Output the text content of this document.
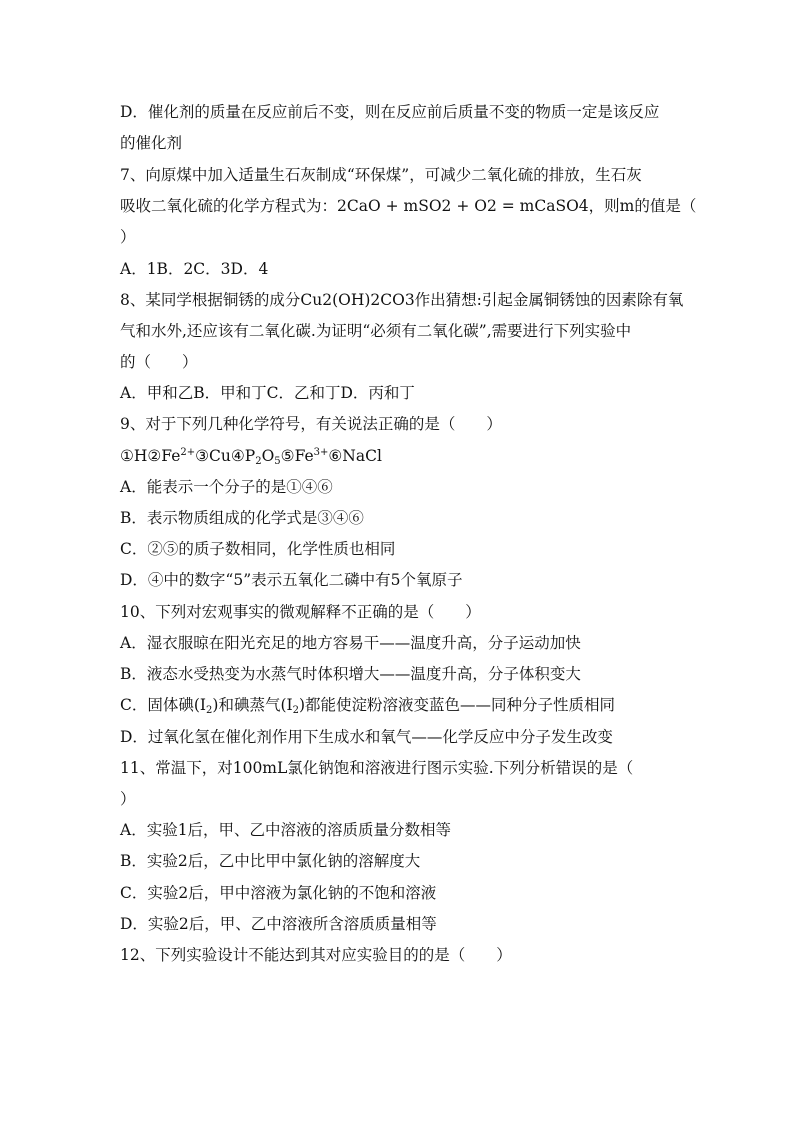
D．催化剂的质量在反应前后不变，则在反应前后质量不变的物质一定是该反应
的催化剂
7、向原煤中加入适量生石灰制成“环保煤”，可减少二氧化硫的排放，生石灰
吸收二氧化硫的化学方程式为：2CaO + mSO2 + O2 = mCaSO4，则m的值是（
）
A．1B．2C．3D．4
8、某同学根据铜锈的成分Cu2(OH)2CO3作出猜想:引起金属铜锈蚀的因素除有氧
气和水外,还应该有二氧化碳.为证明“必须有二氧化碳”,需要进行下列实验中
的（　　）
A．甲和乙B．甲和丁C．乙和丁D．丙和丁
9、对于下列几种化学符号，有关说法正确的是（　　）
$①H②Fe^{2+}③Cu④P_2O_5⑤Fe^{3+}⑥NaCl$
A．能表示一个分子的是①④⑥
B．表示物质组成的化学式是③④⑥
C．②⑤的质子数相同，化学性质也相同
D．④中的数字“5”表示五氧化二磷中有5个氧原子
10、下列对宏观事实的微观解释不正确的是（　　）
A．湿衣服晾在阳光充足的地方容易干——温度升高，分子运动加快
B．液态水受热变为水蒸气时体积增大——温度升高，分子体积变大
C．固体碘$(I_2)$和碘蒸气$(I_2)$都能使淀粉溶液变蓝色——同种分子性质相同
D．过氧化氢在催化剂作用下生成水和氧气——化学反应中分子发生改变
11、常温下，对100mL氯化钠饱和溶液进行图示实验.下列分析错误的是（
）
A．实验1后，甲、乙中溶液的溶质质量分数相等
B．实验2后，乙中比甲中氯化钠的溶解度大
C．实验2后，甲中溶液为氯化钠的不饱和溶液
D．实验2后，甲、乙中溶液所含溶质质量相等
12、下列实验设计不能达到其对应实验目的的是（　　）
